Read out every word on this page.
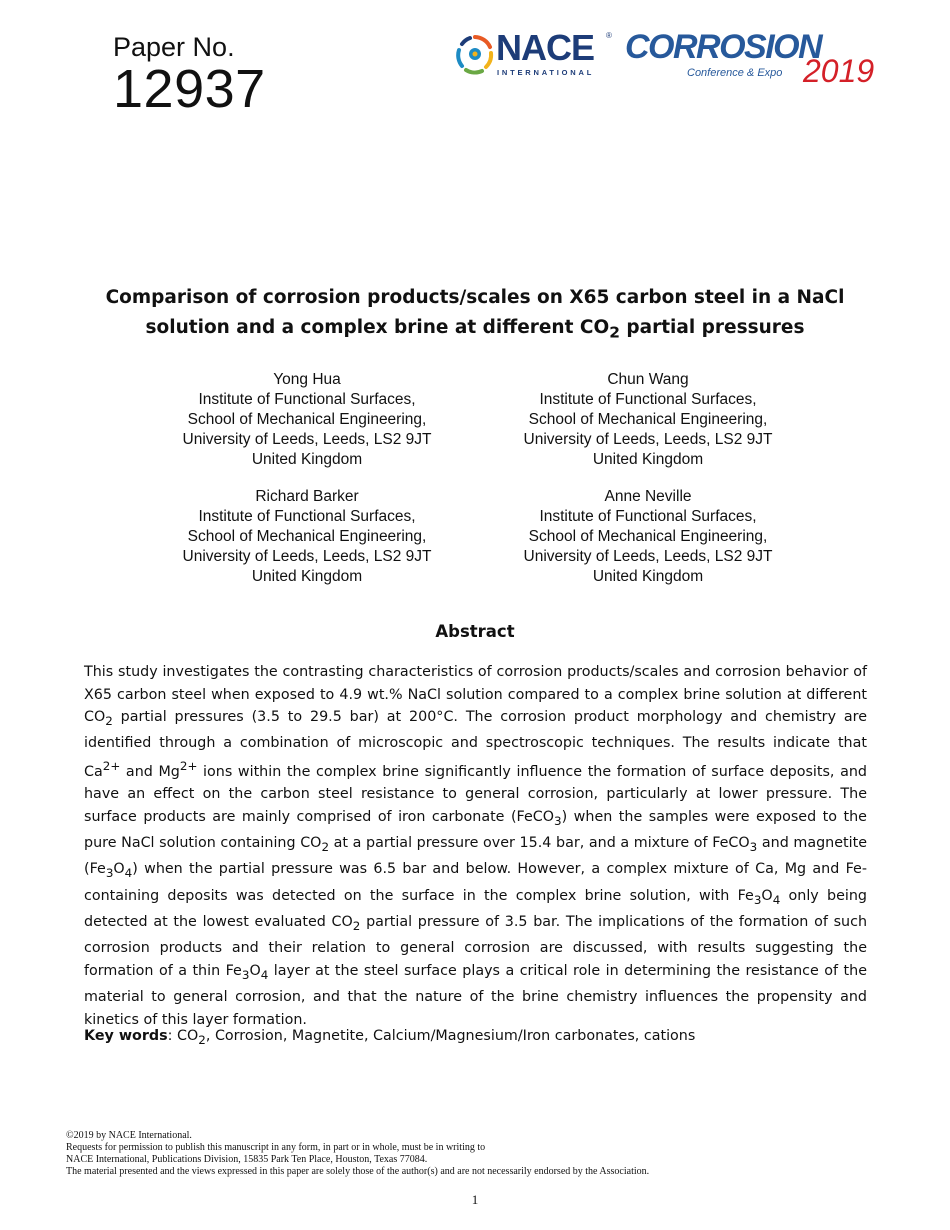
Paper No.
12937
NACE ®
INTERNATIONAL
CORROSION
Conference & Expo 2019
Comparison of corrosion products/scales on X65 carbon steel in a NaCl
solution and a complex brine at different $CO_2$ partial pressures
Yong Hua
Institute of Functional Surfaces,
School of Mechanical Engineering,
University of Leeds, Leeds, LS2 9JT
United Kingdom
Chun Wang
Institute of Functional Surfaces,
School of Mechanical Engineering,
University of Leeds, Leeds, LS2 9JT
United Kingdom
Richard Barker
Institute of Functional Surfaces,
School of Mechanical Engineering,
University of Leeds, Leeds, LS2 9JT
United Kingdom
Anne Neville
Institute of Functional Surfaces,
School of Mechanical Engineering,
University of Leeds, Leeds, LS2 9JT
United Kingdom
Abstract

This study investigates the contrasting characteristics of corrosion products/scales and corrosion behavior of X65 carbon steel when exposed to 4.9 wt.% NaCl solution compared to a complex brine solution at different $CO_2$ partial pressures (3.5 to 29.5 bar) at 200°C. The corrosion product morphology and chemistry are identified through a combination of microscopic and spectroscopic techniques. The results indicate that $Ca^{2+}$ and $Mg^{2+}$ ions within the complex brine significantly influence the formation of surface deposits, and have an effect on the carbon steel resistance to general corrosion, particularly at lower pressure. The surface products are mainly comprised of iron carbonate (FeCO$_3$) when the samples were exposed to the pure NaCl solution containing $CO_2$ at a partial pressure over 15.4 bar, and a mixture of FeCO$_3$ and magnetite $(Fe_3O_4)$ when the partial pressure was 6.5 bar and below. However, a complex mixture of Ca, Mg and Fe-containing deposits was detected on the surface in the complex brine solution, with $Fe_3O_4$ only being detected at the lowest evaluated $CO_2$ partial pressure of 3.5 bar. The implications of the formation of such corrosion products and their relation to general corrosion are discussed, with results suggesting the formation of a thin $Fe_3O_4$ layer at the steel surface plays a critical role in determining the resistance of the material to general corrosion, and that the nature of the brine chemistry influences the propensity and kinetics of this layer formation.

Key words: $CO_2$, Corrosion, Magnetite, Calcium/Magnesium/Iron carbonates, cations

©2019 by NACE International.
Requests for permission to publish this manuscript in any form, in part or in whole, must be in writing to
NACE International, Publications Division, 15835 Park Ten Place, Houston, Texas 77084.
The material presented and the views expressed in this paper are solely those of the author(s) and are not necessarily endorsed by the Association.
1
